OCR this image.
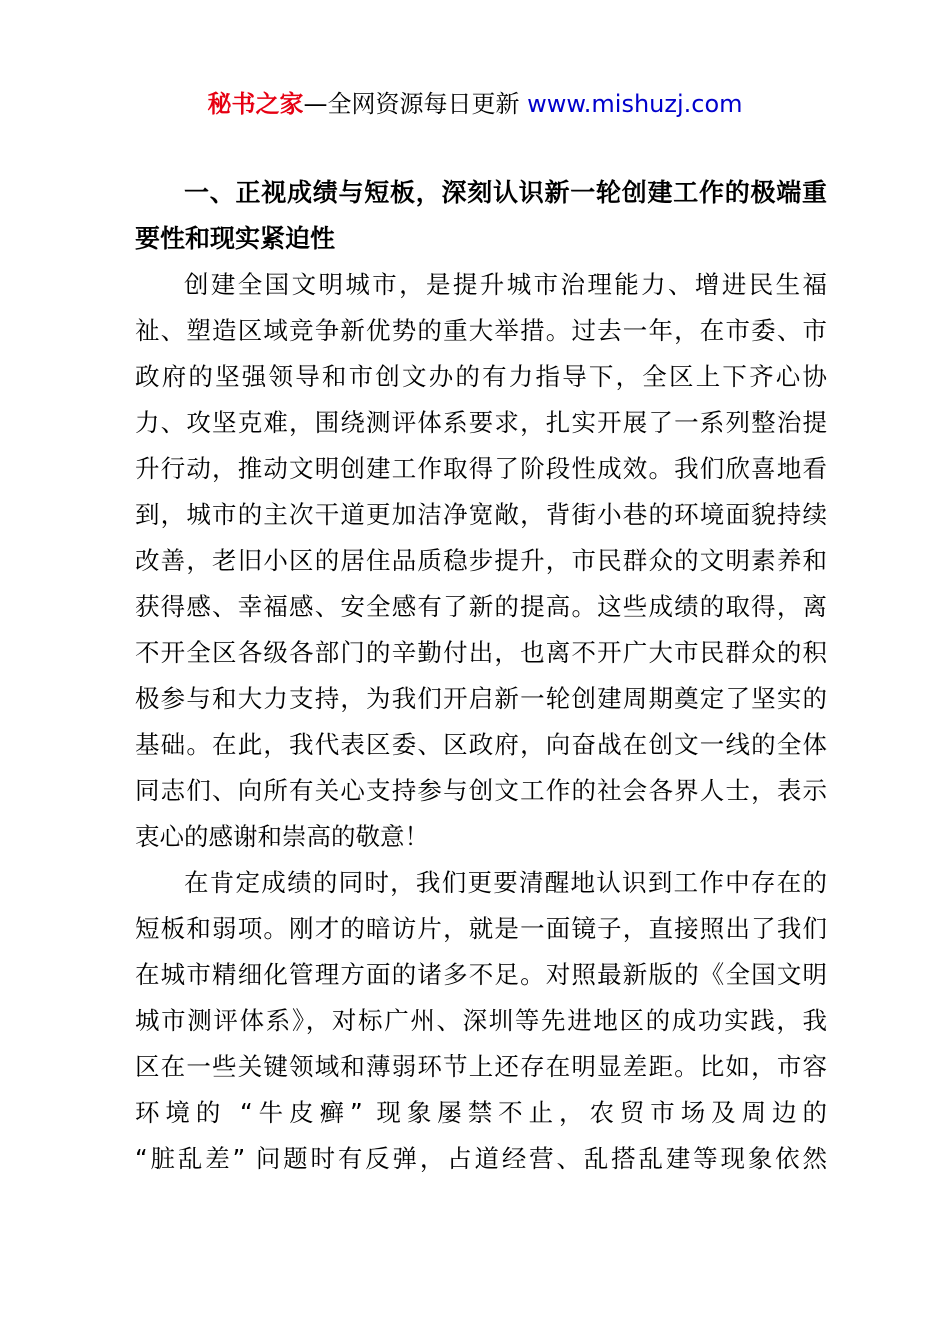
秘书之家—全网资源每日更新 www.mishuzj.com
一、正视成绩与短板，深刻认识新一轮创建工作的极端重
要性和现实紧迫性
创建全国文明城市，是提升城市治理能力、增进民生福
祉、塑造区域竞争新优势的重大举措。过去一年，在市委、市
政府的坚强领导和市创文办的有力指导下，全区上下齐心协
力、攻坚克难，围绕测评体系要求，扎实开展了一系列整治提
升行动，推动文明创建工作取得了阶段性成效。我们欣喜地看
到，城市的主次干道更加洁净宽敞，背街小巷的环境面貌持续
改善，老旧小区的居住品质稳步提升，市民群众的文明素养和
获得感、幸福感、安全感有了新的提高。这些成绩的取得，离
不开全区各级各部门的辛勤付出，也离不开广大市民群众的积
极参与和大力支持，为我们开启新一轮创建周期奠定了坚实的
基础。在此，我代表区委、区政府，向奋战在创文一线的全体
同志们、向所有关心支持参与创文工作的社会各界人士，表示
衷心的感谢和崇高的敬意！
在肯定成绩的同时，我们更要清醒地认识到工作中存在的
短板和弱项。刚才的暗访片，就是一面镜子，直接照出了我们
在城市精细化管理方面的诸多不足。对照最新版的《全国文明
城市测评体系》，对标广州、深圳等先进地区的成功实践，我
区在一些关键领域和薄弱环节上还存在明显差距。比如，市容
环境的 “牛皮癣” 现象屡禁不止，农贸市场及周边的
“脏乱差” 问题时有反弹，占道经营、乱搭乱建等现象依然
